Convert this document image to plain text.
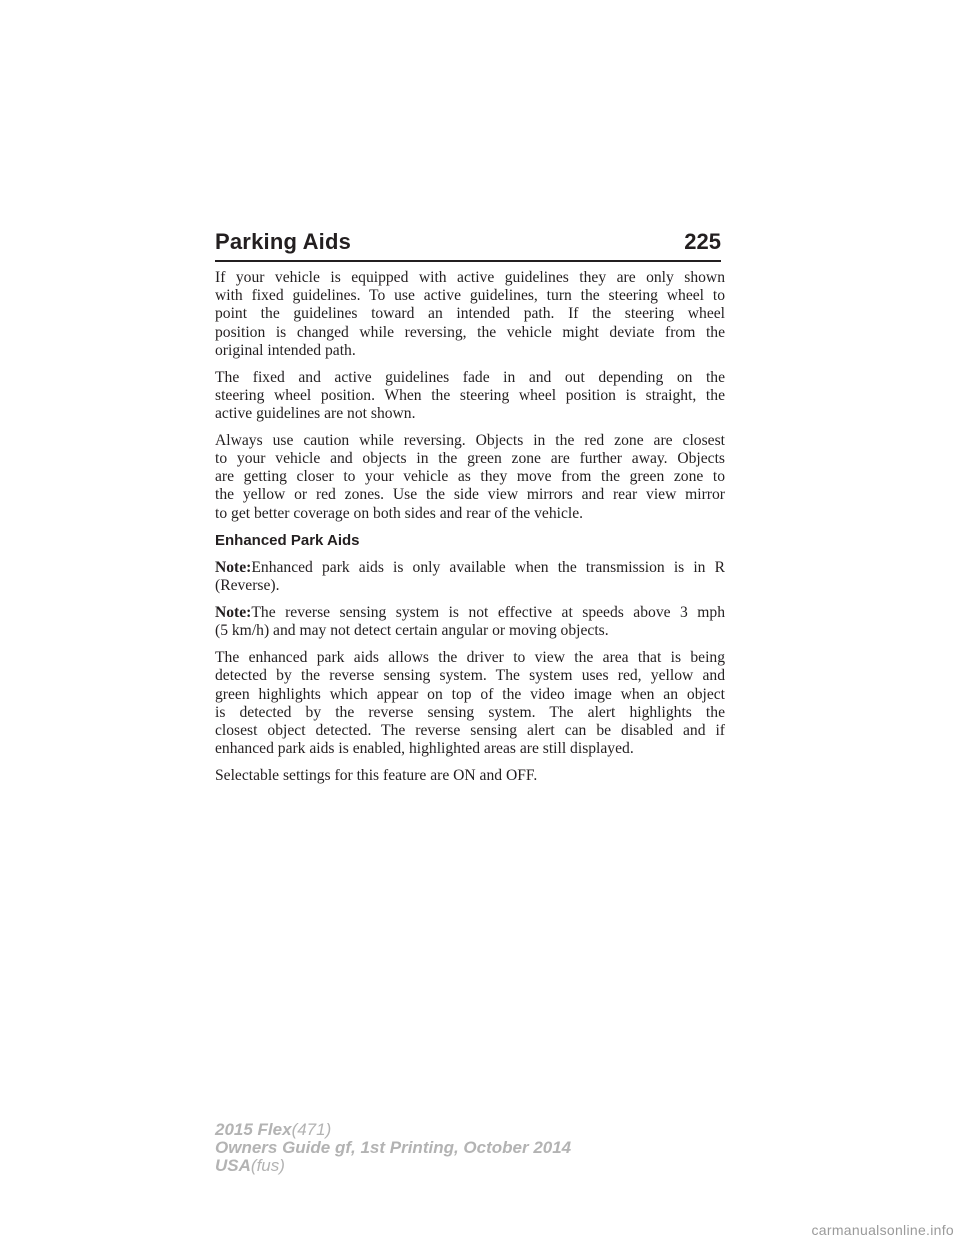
Parking Aids	225

If your vehicle is equipped with active guidelines they are only shown
with fixed guidelines. To use active guidelines, turn the steering wheel to
point the guidelines toward an intended path. If the steering wheel
position is changed while reversing, the vehicle might deviate from the
original intended path.

The fixed and active guidelines fade in and out depending on the
steering wheel position. When the steering wheel position is straight, the
active guidelines are not shown.

Always use caution while reversing. Objects in the red zone are closest
to your vehicle and objects in the green zone are further away. Objects
are getting closer to your vehicle as they move from the green zone to
the yellow or red zones. Use the side view mirrors and rear view mirror
to get better coverage on both sides and rear of the vehicle.

Enhanced Park Aids

Note:Enhanced park aids is only available when the transmission is in R
(Reverse).

Note:The reverse sensing system is not effective at speeds above 3 mph
(5 km/h) and may not detect certain angular or moving objects.

The enhanced park aids allows the driver to view the area that is being
detected by the reverse sensing system. The system uses red, yellow and
green highlights which appear on top of the video image when an object
is detected by the reverse sensing system. The alert highlights the
closest object detected. The reverse sensing alert can be disabled and if
enhanced park aids is enabled, highlighted areas are still displayed.

Selectable settings for this feature are ON and OFF.

2015 Flex(471)
Owners Guide gf, 1st Printing, October 2014
USA(fus)
carmanualsonline.info
